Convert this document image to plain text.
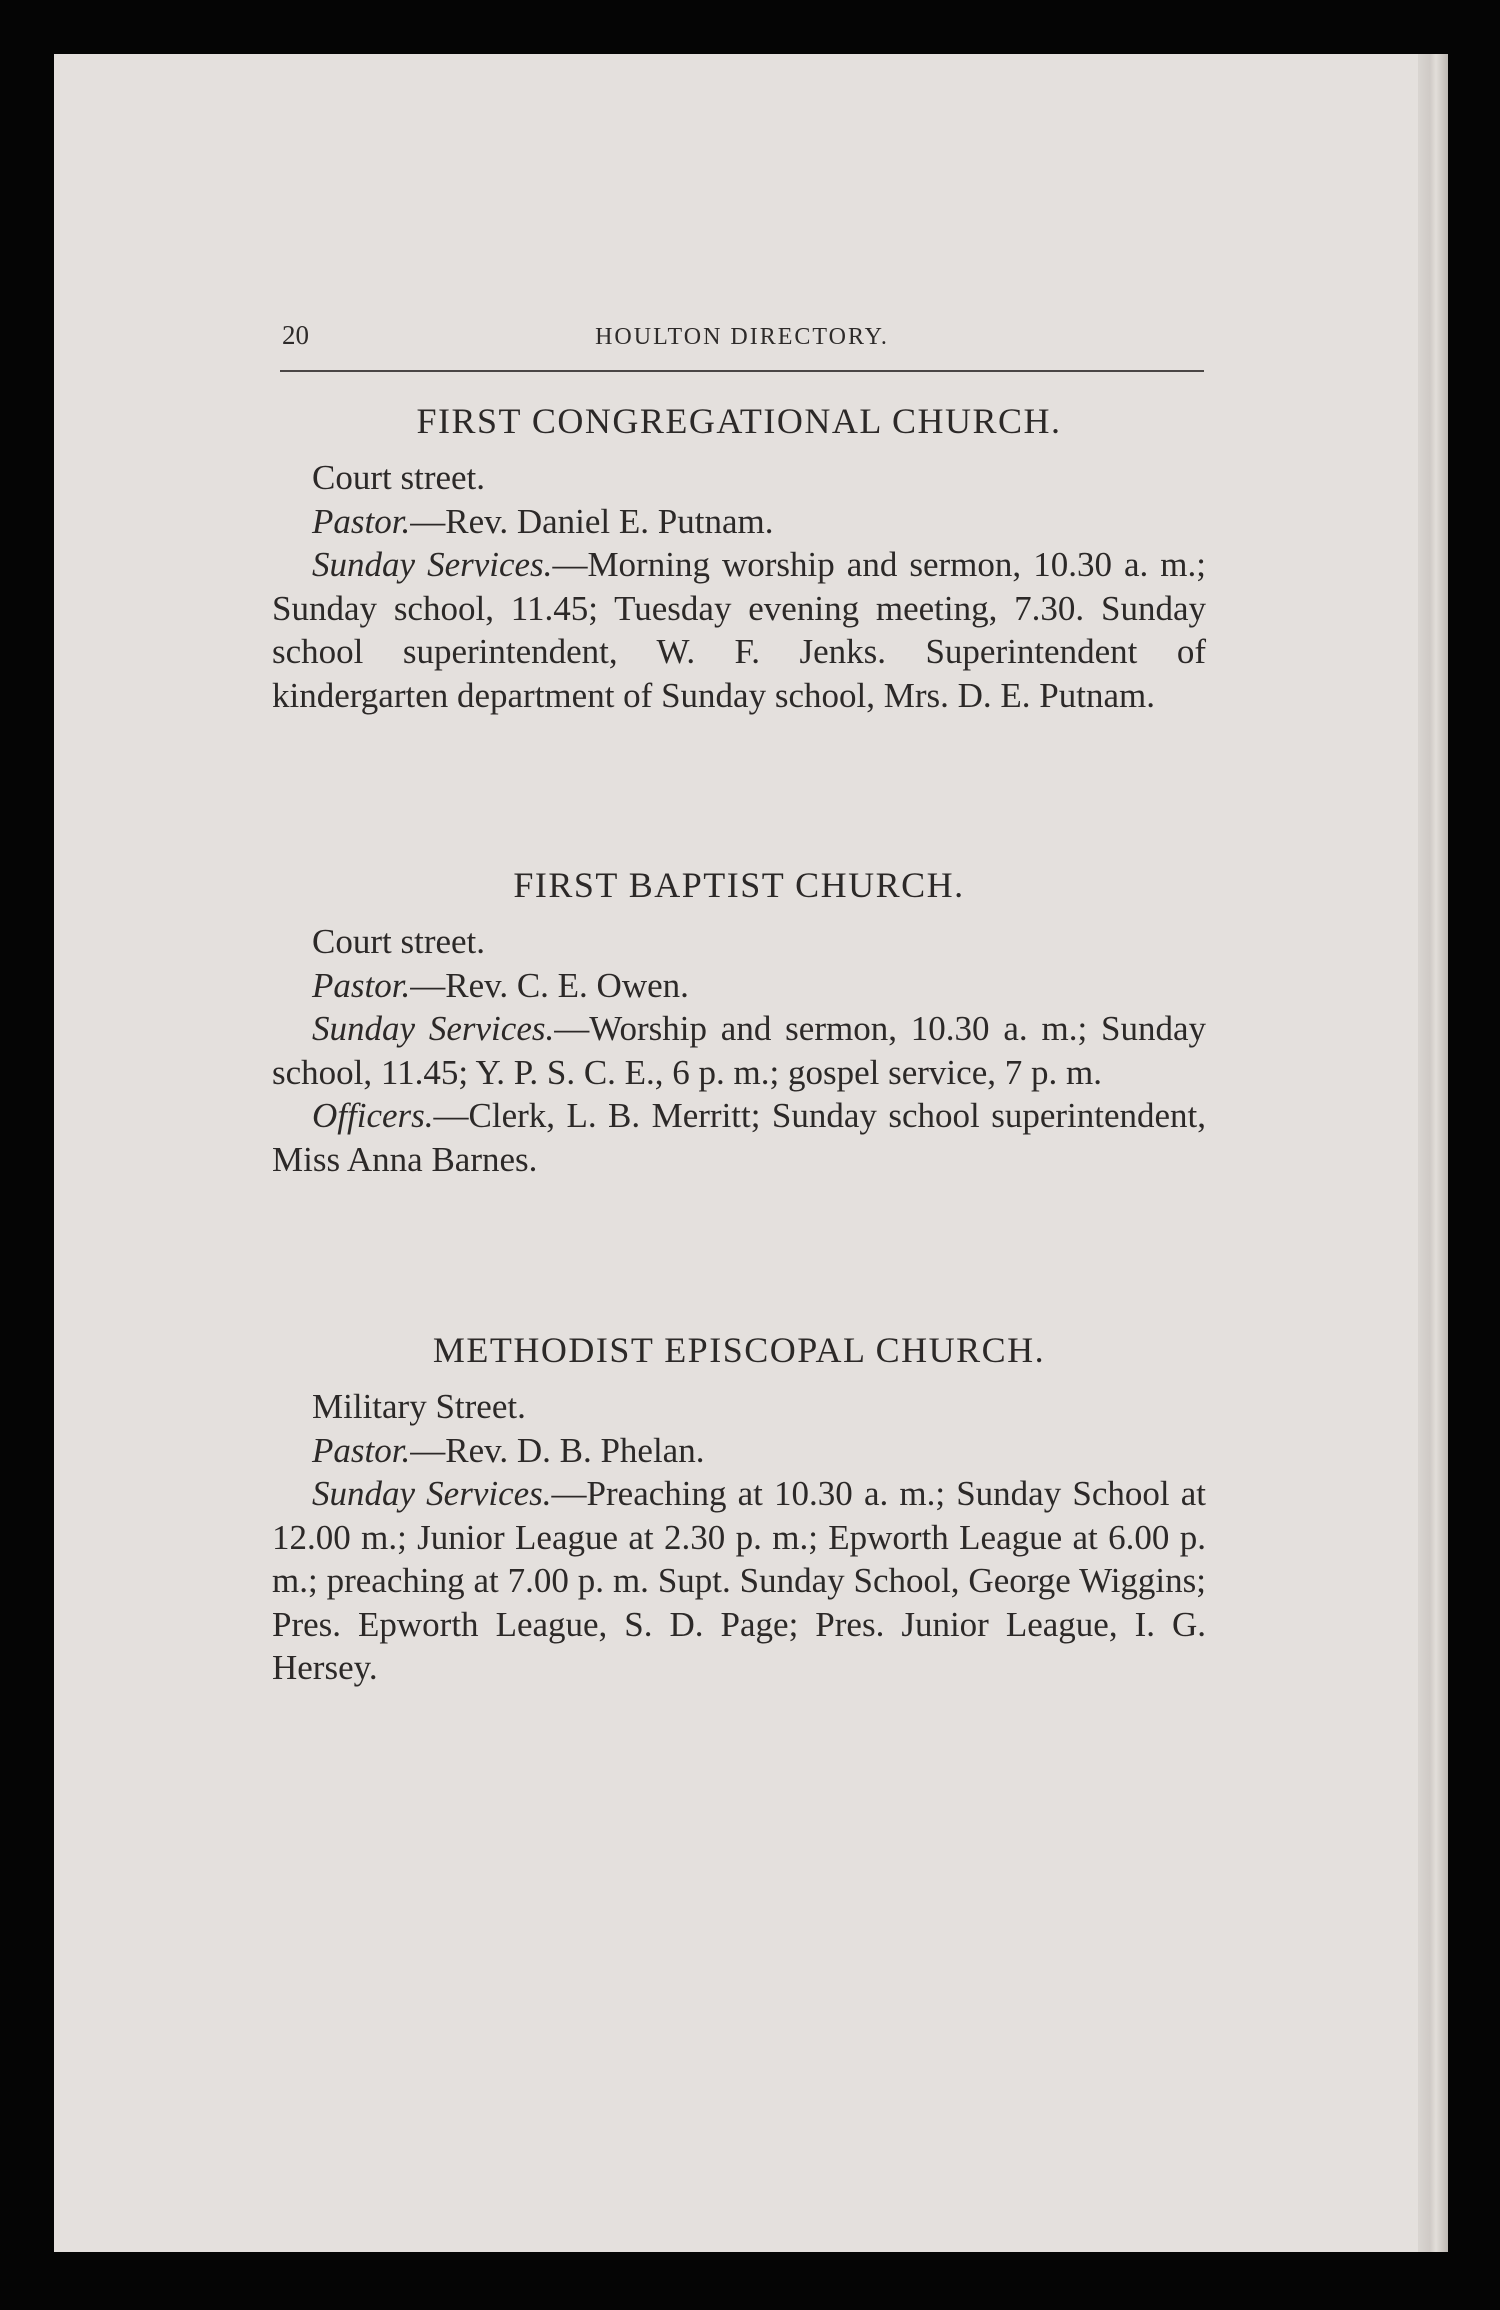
20	HOULTON DIRECTORY.
FIRST CONGREGATIONAL CHURCH.

Court street.

Pastor.—Rev. Daniel E. Putnam.

Sunday Services.—Morning worship and sermon, 10.30 a. m.; Sunday school, 11.45; Tuesday evening meeting, 7.30. Sunday school superintendent, W. F. Jenks. Superintendent of kindergarten department of Sunday school, Mrs. D. E. Putnam.

FIRST BAPTIST CHURCH.

Court street.

Pastor.—Rev. C. E. Owen.

Sunday Services.—Worship and sermon, 10.30 a. m.; Sunday school, 11.45; Y. P. S. C. E., 6 p. m.; gospel service, 7 p. m.

Officers.—Clerk, L. B. Merritt; Sunday school superintendent, Miss Anna Barnes.

METHODIST EPISCOPAL CHURCH.

Military Street.

Pastor.—Rev. D. B. Phelan.

Sunday Services.—Preaching at 10.30 a. m.; Sunday School at 12.00 m.; Junior League at 2.30 p. m.; Epworth League at 6.00 p. m.; preaching at 7.00 p. m. Supt. Sunday School, George Wiggins; Pres. Epworth League, S. D. Page; Pres. Junior League, I. G. Hersey.
